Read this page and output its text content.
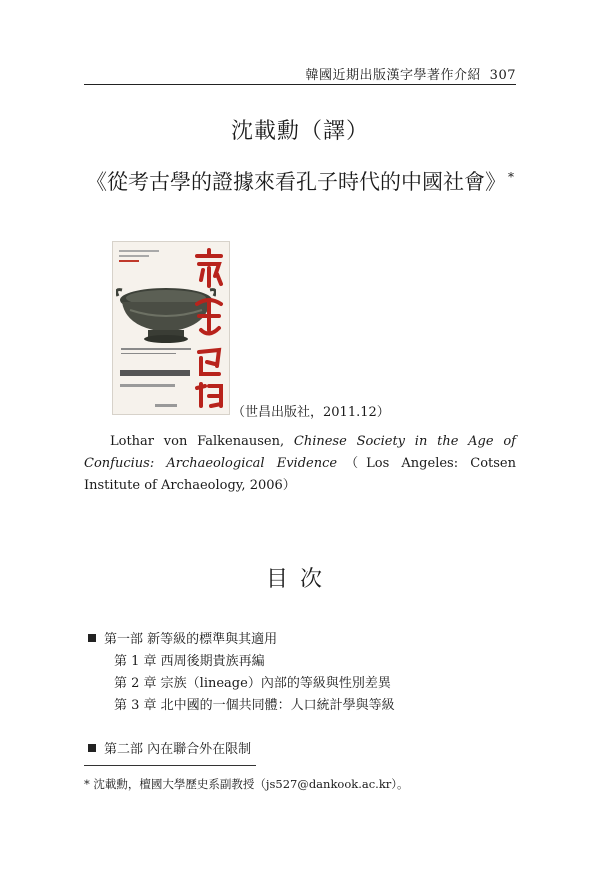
韓國近期出版漢字學著作介紹 307
沈載勳（譯）
《從考古學的證據來看孔子時代的中國社會》 *
（世昌出版社，2011.12）
Lothar von Falkenausen, Chinese Society in the Age of Confucius: Archaeological Evidence（Los Angeles: Cotsen Institute of Archaeology, 2006）
目次
第一部 新等級的標準與其適用
第 1 章 西周後期貴族再編
第 2 章 宗族（lineage）內部的等級與性別差異
第 3 章 北中國的一個共同體：人口統計學與等級
第二部 內在聯合外在限制
* 沈載勳，檀國大學歷史系副教授（js527@dankook.ac.kr）。
